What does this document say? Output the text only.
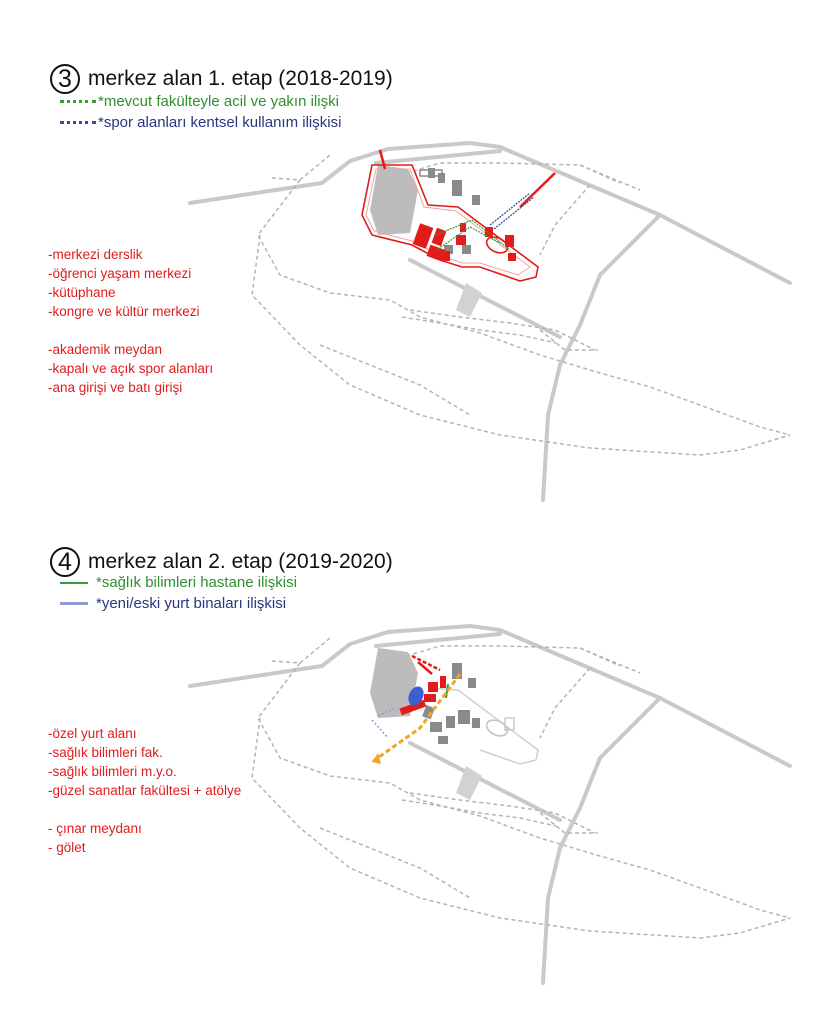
3 merkez alan 1. etap (2018-2019)
*mevcut fakülteyle acil ve yakın ilişki
*spor alanları kentsel kullanım ilişkisi
-merkezi derslik
-öğrenci yaşam merkezi
-kütüphane
-kongre ve kültür merkezi
-akademik meydan
-kapalı ve açık spor alanları
-ana girişi ve batı girişi
4 merkez alan 2. etap (2019-2020)
*sağlık bilimleri hastane ilişkisi
*yeni/eski yurt binaları ilişkisi
-özel yurt alanı
-sağlık bilimleri fak.
-sağlık bilimleri m.y.o.
-güzel sanatlar fakültesi + atölye
- çınar meydanı
- gölet
